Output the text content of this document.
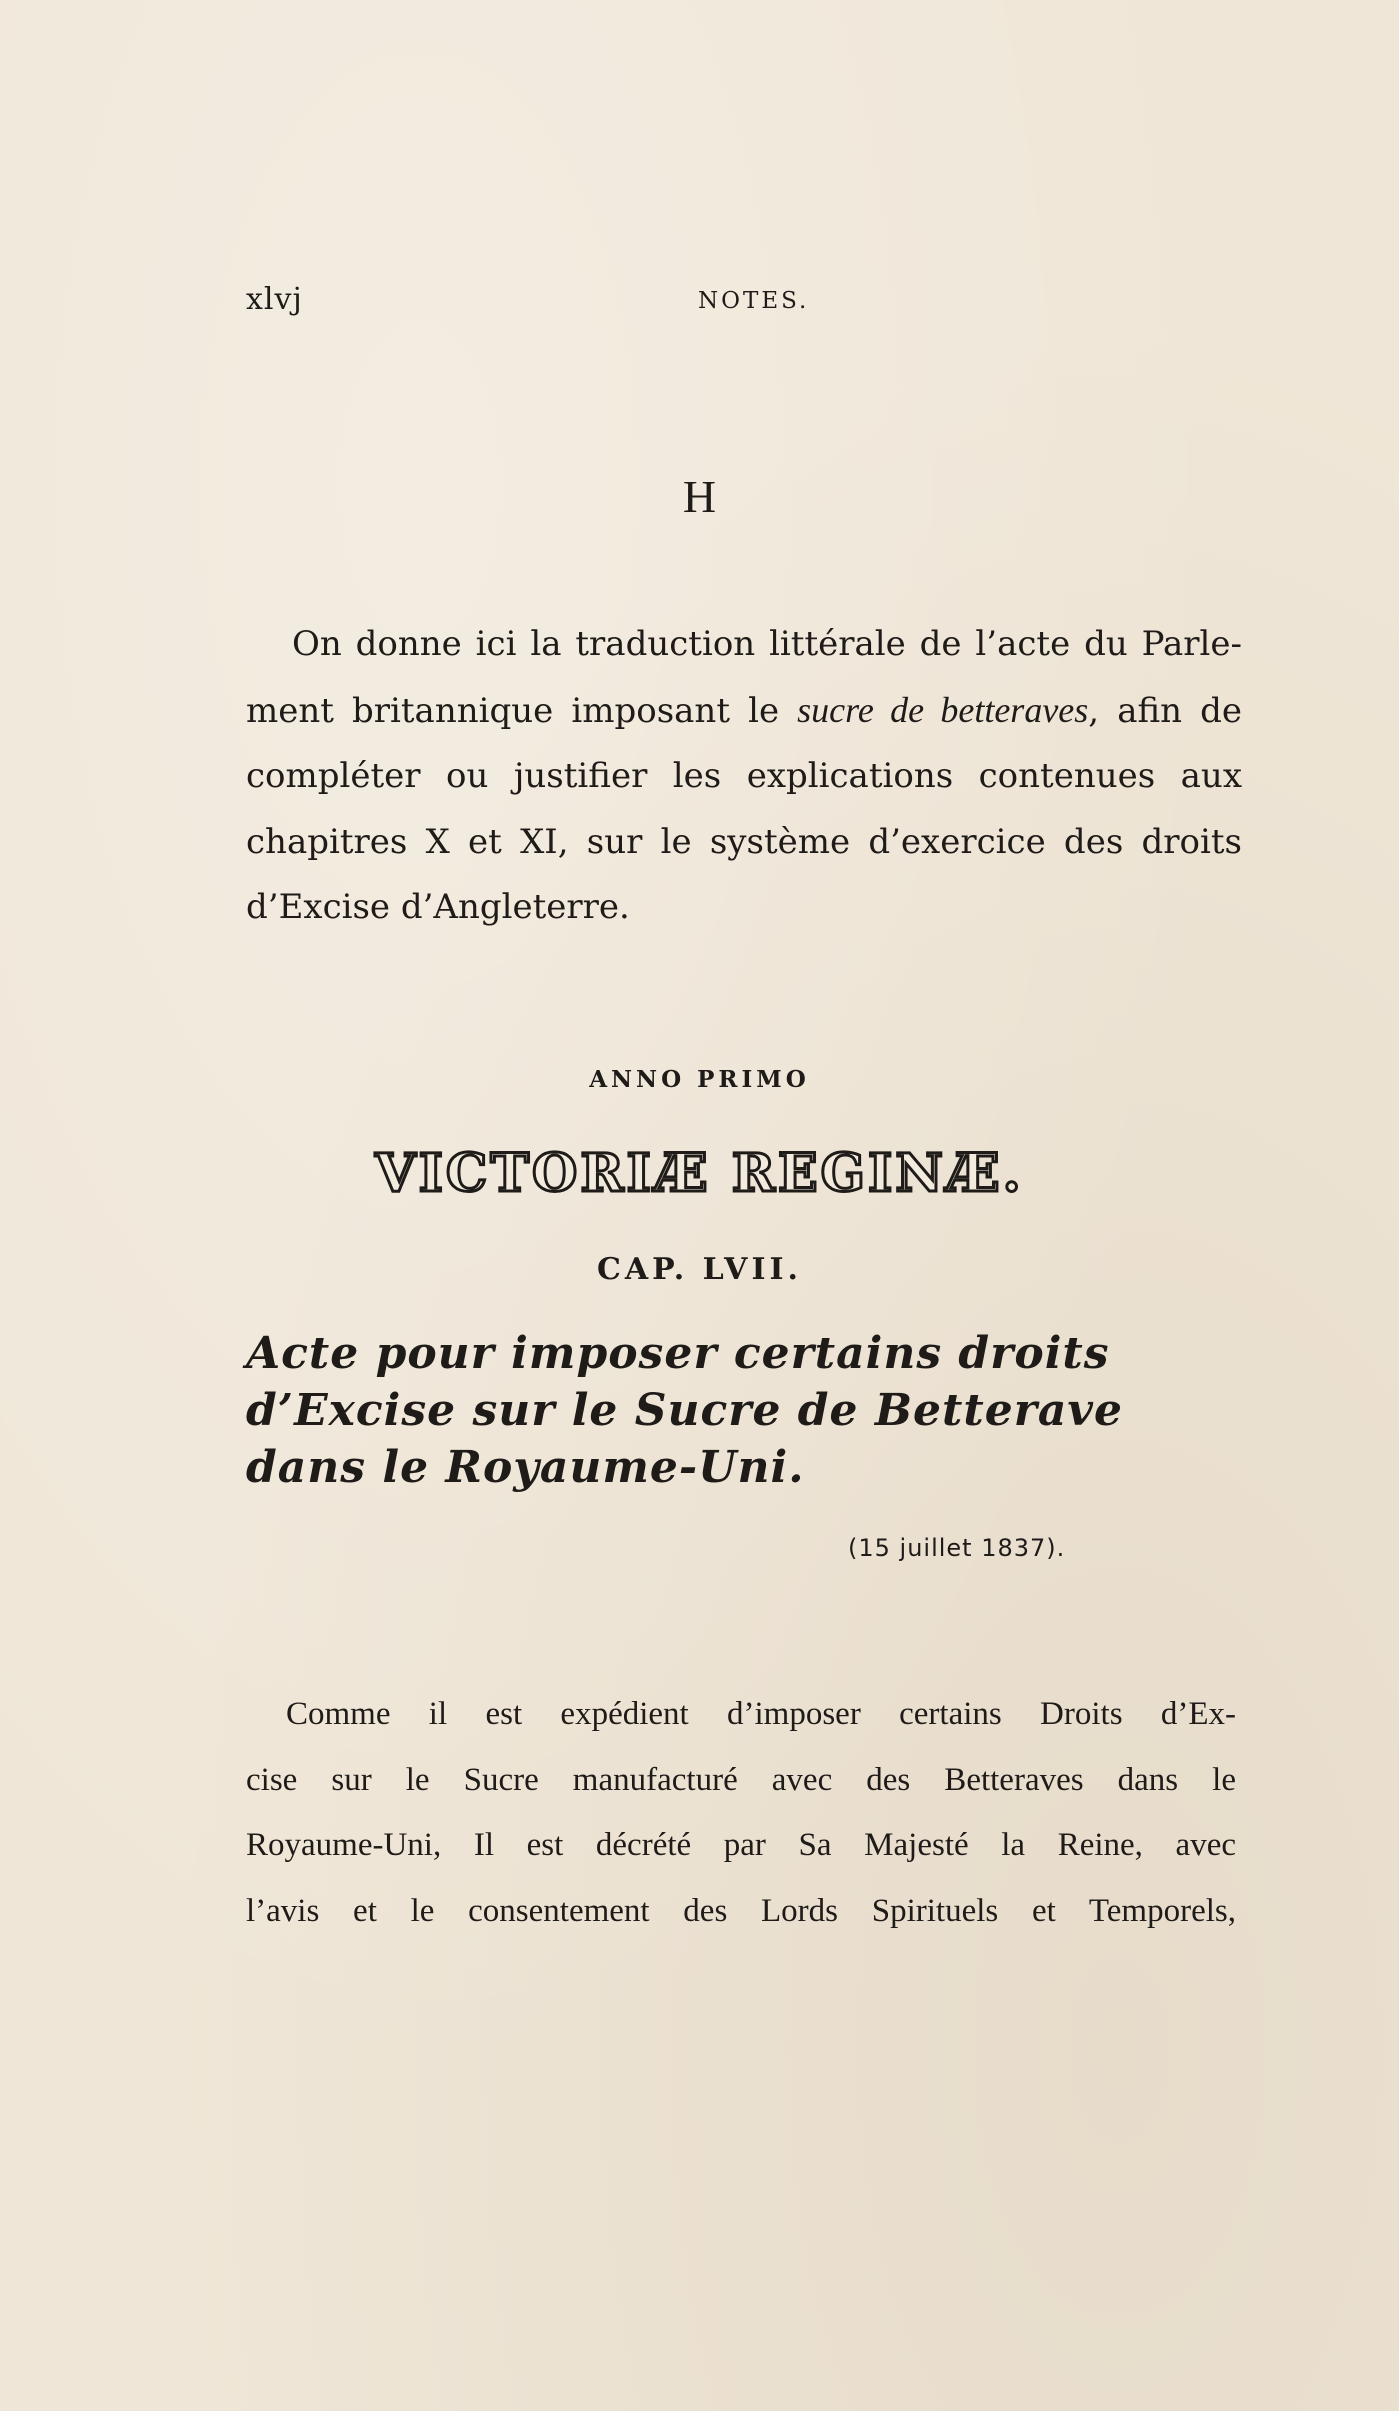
xlvj	NOTES.
H
On donne ici la traduction littérale de l’acte du Parle-
ment britannique imposant le sucre de betteraves, afin de
compléter ou justifier les explications contenues aux
chapitres X et XI, sur le système d’exercice des droits
d’Excise d’Angleterre.
ANNO PRIMO
VICTORIÆ REGINÆ.
CAP. LVII.
Acte pour imposer certains droits
d’Excise sur le Sucre de Betterave
dans le Royaume-Uni.
(15 juillet 1837).
Comme il est expédient d’imposer certains Droits d’Ex-
cise sur le Sucre manufacturé avec des Betteraves dans le
Royaume-Uni, Il est décrété par Sa Majesté la Reine, avec
l’avis et le consentement des Lords Spirituels et Temporels,
